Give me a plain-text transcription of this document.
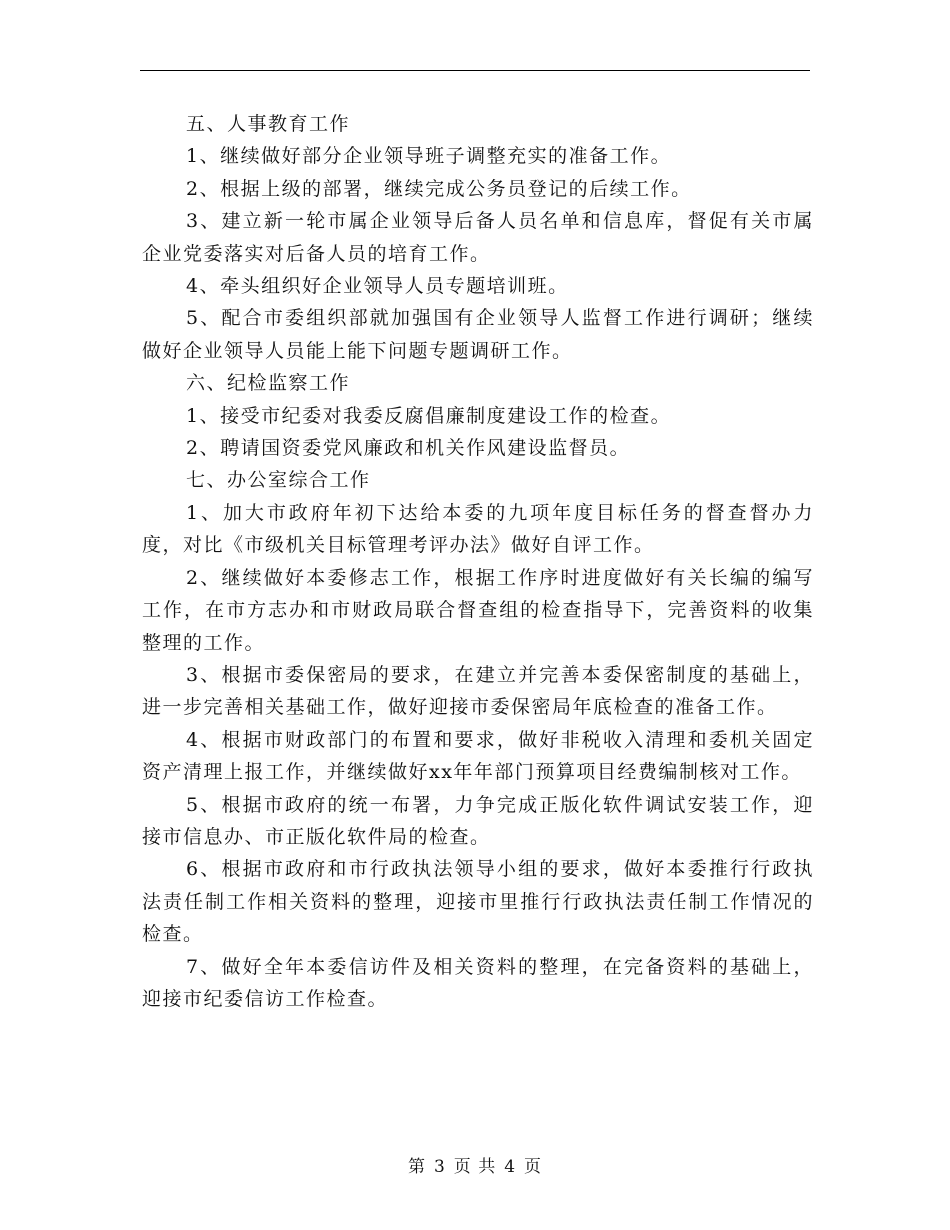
五、人事教育工作

1、继续做好部分企业领导班子调整充实的准备工作。

2、根据上级的部署，继续完成公务员登记的后续工作。

3、建立新一轮市属企业领导后备人员名单和信息库，督促有关市属企业党委落实对后备人员的培育工作。

4、牵头组织好企业领导人员专题培训班。

5、配合市委组织部就加强国有企业领导人监督工作进行调研；继续做好企业领导人员能上能下问题专题调研工作。

六、纪检监察工作

1、接受市纪委对我委反腐倡廉制度建设工作的检查。

2、聘请国资委党风廉政和机关作风建设监督员。

七、办公室综合工作

1、加大市政府年初下达给本委的九项年度目标任务的督查督办力度，对比《市级机关目标管理考评办法》做好自评工作。

2、继续做好本委修志工作，根据工作序时进度做好有关长编的编写工作，在市方志办和市财政局联合督查组的检查指导下，完善资料的收集整理的工作。

3、根据市委保密局的要求，在建立并完善本委保密制度的基础上，进一步完善相关基础工作，做好迎接市委保密局年底检查的准备工作。

4、根据市财政部门的布置和要求，做好非税收入清理和委机关固定资产清理上报工作，并继续做好xx年年部门预算项目经费编制核对工作。

5、根据市政府的统一布署，力争完成正版化软件调试安装工作，迎接市信息办、市正版化软件局的检查。

6、根据市政府和市行政执法领导小组的要求，做好本委推行行政执法责任制工作相关资料的整理，迎接市里推行行政执法责任制工作情况的检查。

7、做好全年本委信访件及相关资料的整理，在完备资料的基础上，迎接市纪委信访工作检查。

第 3 页 共 4 页
